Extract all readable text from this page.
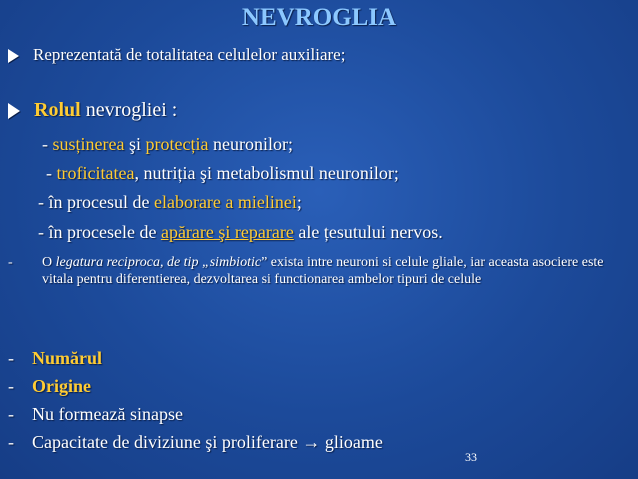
NEVROGLIA
Reprezentată de totalitatea celulelor auxiliare;
Rolul nevrogliei :
- susținerea şi protecția neuronilor;
- troficitatea, nutriția şi metabolismul neuronilor;
- în procesul de elaborare a mielinei;
- în procesele de apărare şi reparare ale țesutului nervos.
-	O legatura reciproca, de tip „simbiotic” exista intre neuroni si celule gliale, iar aceasta asociere este vitala pentru diferentierea, dezvoltarea si functionarea ambelor tipuri de celule
- Numărul
- Origine
- Nu formează sinapse
- Capacitate de diviziune şi proliferare → glioame
33
